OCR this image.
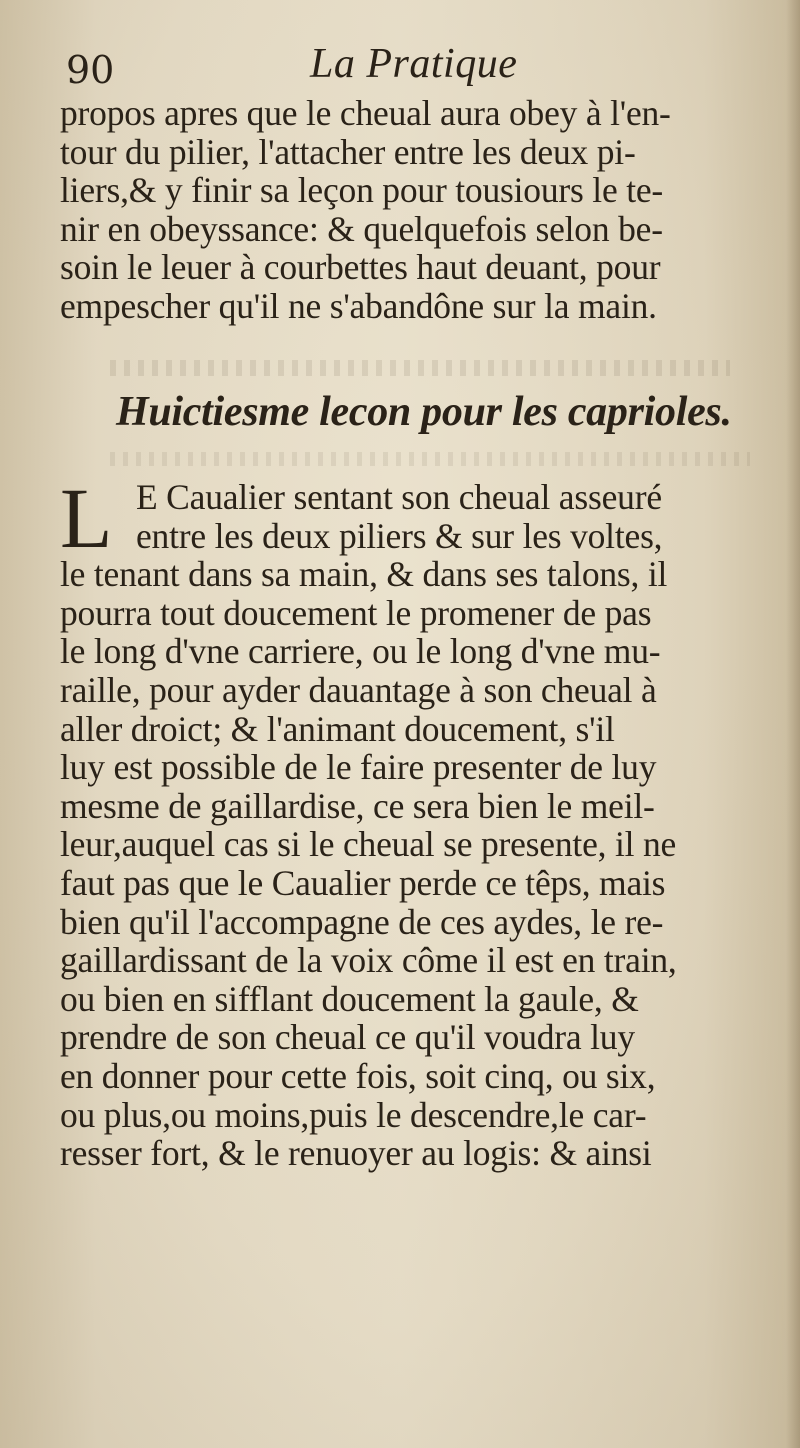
90	La Pratique
propos apres que le cheual aura obey à l'en-
tour du pilier, l'attacher entre les deux pi-
liers,& y finir sa leçon pour tousiours le te-
nir en obeyssance: & quelquefois selon be-
soin le leuer à courbettes haut deuant, pour
empescher qu'il ne s'abandône sur la main.
Huictiesme lecon pour les caprioles.
L E Caualier sentant son cheual asseuré
entre les deux piliers & sur les voltes,
le tenant dans sa main, & dans ses talons, il
pourra tout doucement le promener de pas
le long d'vne carriere, ou le long d'vne mu-
raille, pour ayder dauantage à son cheual à
aller droict; & l'animant doucement, s'il
luy est possible de le faire presenter de luy
mesme de gaillardise, ce sera bien le meil-
leur,auquel cas si le cheual se presente, il ne
faut pas que le Caualier perde ce têps, mais
bien qu'il l'accompagne de ces aydes, le re-
gaillardissant de la voix côme il est en train,
ou bien en sifflant doucement la gaule, &
prendre de son cheual ce qu'il voudra luy
en donner pour cette fois, soit cinq, ou six,
ou plus,ou moins,puis le descendre,le car-
resser fort, & le renuoyer au logis: & ainsi
